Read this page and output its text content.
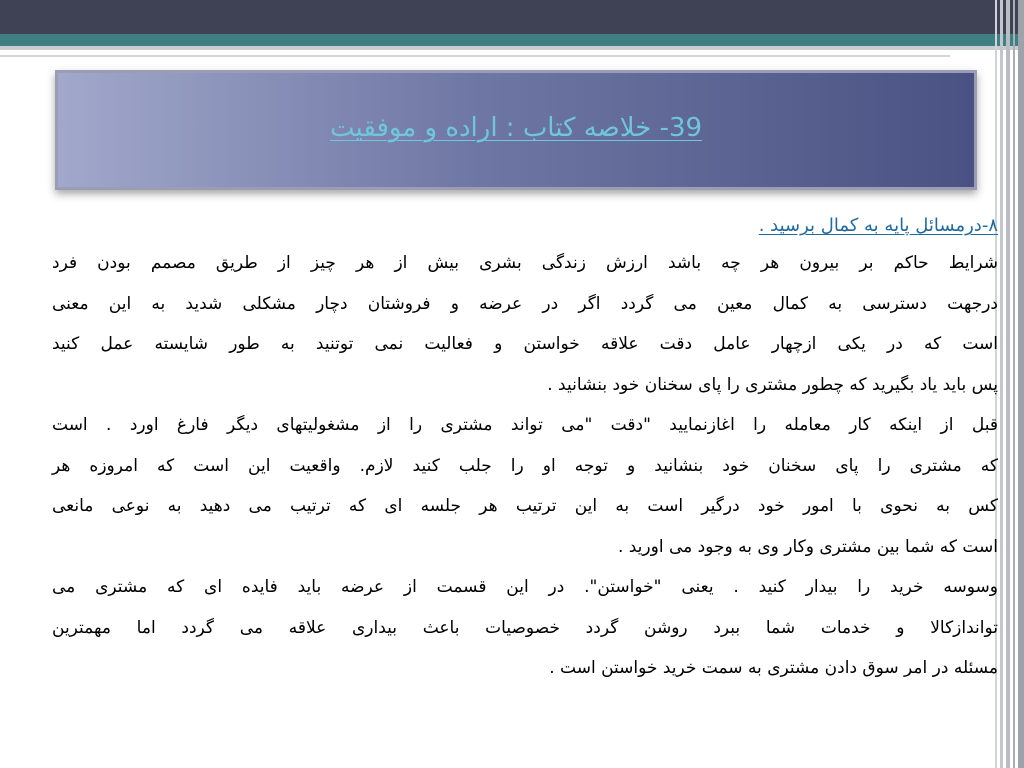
39- خلاصه کتاب : اراده و موفقیت
۸-درمسائل پایه به کمال برسید .
شرایط حاکم بر بیرون هر چه باشد ارزش زندگی بشری بیش از هر چیز از طریق مصمم بودن فرد
درجهت دسترسی به کمال معین می گردد اگر در عرضه و فروشتان دچار مشکلی شدید به این معنی
است که در یکی ازچهار عامل دقت علاقه خواستن و فعالیت نمی توتنید به طور شایسته عمل کنید
پس باید یاد بگیرید که چطور مشتری را پای سخنان خود بنشانید .
قبل از اینکه کار معامله را اغازنمایید "دقت "می تواند مشتری را از مشغولیتهای دیگر فارغ اورد . است
که مشتری را پای سخنان خود بنشانید و توجه او را جلب کنید لازم. واقعیت این است که امروزه هر
کس به نحوی با امور خود درگیر است به این ترتیب هر جلسه ای که ترتیب می دهید به نوعی مانعی
است که شما بین مشتری وکار وی به وجود می اورید .
وسوسه خرید را بیدار کنید . یعنی "خواستن". در این قسمت از عرضه باید فایده ای که مشتری می
تواندازکالا و خدمات شما ببرد روشن گردد خصوصیات باعث بیداری علاقه می گردد اما مهمترین
مسئله در امر سوق دادن مشتری به سمت خرید خواستن است .
